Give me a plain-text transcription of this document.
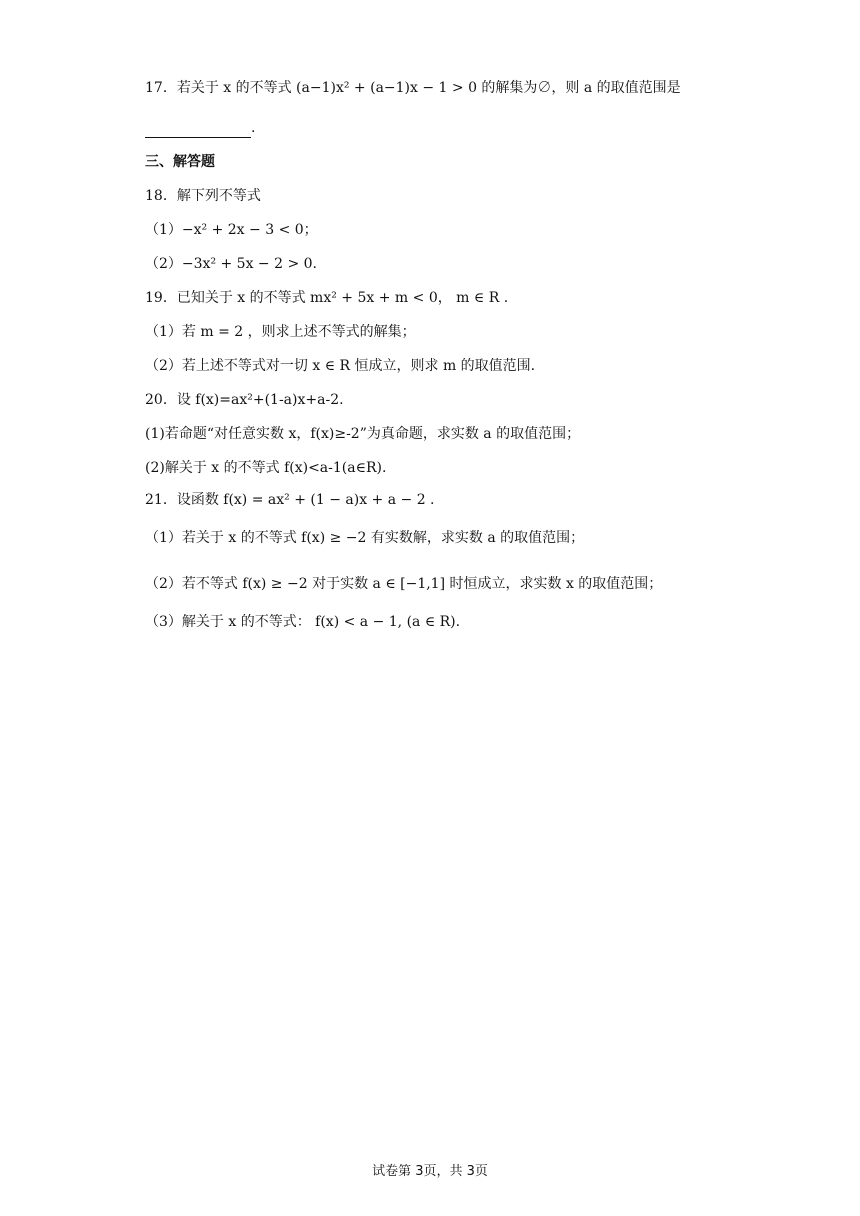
17．若关于 x 的不等式 (a−1)x² + (a−1)x − 1 > 0 的解集为∅，则 a 的取值范围是
.
三、解答题
18．解下列不等式
（1）−x² + 2x − 3 < 0；
（2）−3x² + 5x − 2 > 0.
19．已知关于 x 的不等式 mx² + 5x + m < 0， m ∈ R .
（1）若 m = 2 ，则求上述不等式的解集；
（2）若上述不等式对一切 x ∈ R 恒成立，则求 m 的取值范围.
20．设 f(x)=ax²+(1-a)x+a-2.
(1)若命题“对任意实数 x，f(x)≥-2”为真命题，求实数 a 的取值范围；
(2)解关于 x 的不等式 f(x)<a-1(a∈R).
21．设函数 f(x) = ax² + (1 − a)x + a − 2 .
（1）若关于 x 的不等式 f(x) ≥ −2 有实数解，求实数 a 的取值范围；
（2）若不等式 f(x) ≥ −2 对于实数 a ∈ [−1,1] 时恒成立，求实数 x 的取值范围；
（3）解关于 x 的不等式： f(x) < a − 1, (a ∈ R).
试卷第 3页，共 3页
